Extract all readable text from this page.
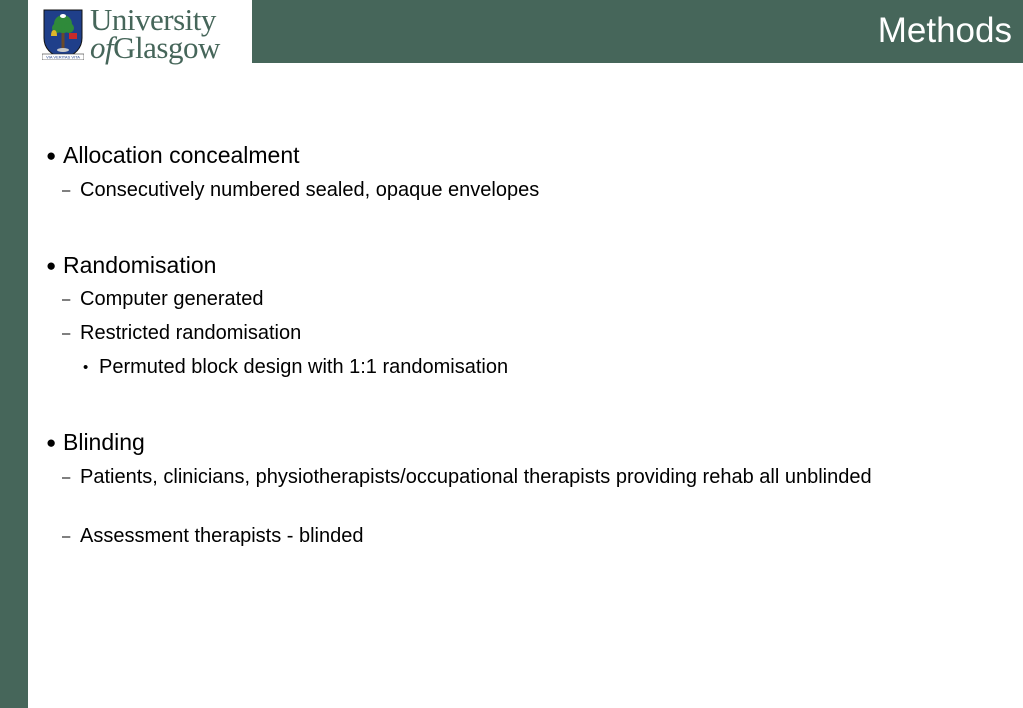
Methods
VIA VERITAS VITA
University
ofGlasgow
● Allocation concealment
– Consecutively numbered sealed, opaque envelopes
● Randomisation
– Computer generated
– Restricted randomisation
• Permuted block design with 1:1 randomisation
● Blinding
– Patients, clinicians, physiotherapists/occupational therapists providing rehab all unblinded
– Assessment therapists - blinded
